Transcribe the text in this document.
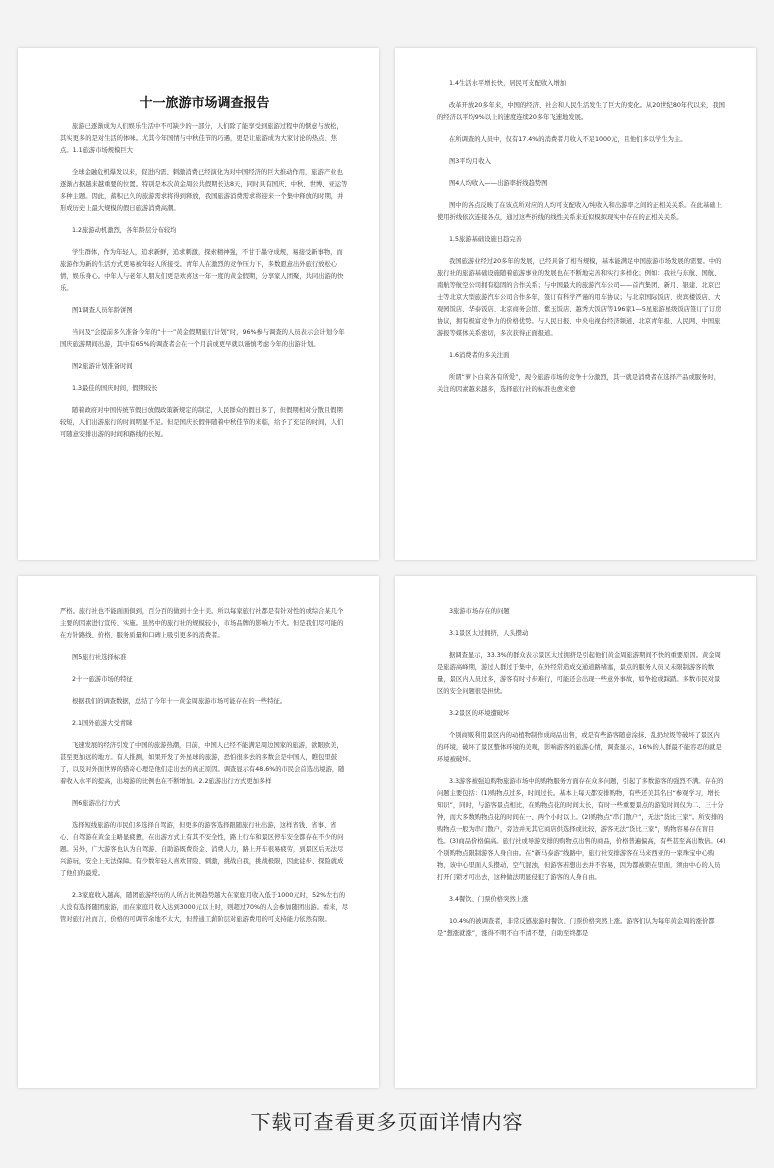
十一旅游市场调查报告

旅游已逐渐成为人们娱乐生活中不可缺少的一部分，人们除了能享受到旅游过程中的惬意与放松，其实更多的是对生活的体味。尤其今年国情与中秋佳节的巧遇，更是让旅游成为大家讨论的热点、焦点。1.1旅游市场规模巨大

全球金融危机爆发以来，促进内需、刺激消费已经演化为对中国经济的巨大推动作用，旅游产业也逐渐占据越来越重要的位置。特别是本次黄金周公共假期长达8天，同时具有国庆、中秋、世博、亚运等多种主题。因此，蓄积已久的旅游需求将得到释放，我国旅游消费需求将迎来一个集中释放的时期，并形成历史上最大规模的假日旅游消费高潮。

1.2旅游动机激烈，各年龄层分布较均

学生群体，作为年轻人，追求新鲜，追求刺激，探索精神强，不甘于墨守成规，易接受新事物，而旅游作为新的生活方式更易被年轻人所接受。青年人在激烈的竞争压力下，多数愿意出外旅行放松心情，娱乐身心。中年人与老年人朋友们更是欢喜这一年一度的黄金假期，分享家人团聚，共同出游的快乐。

图1调查人员年龄饼图

当问及“会提前多久准备今年的“十一”黄金假期旅行计划”时，96%参与调查的人员表示会计划今年国庆旅游期间出游，其中有65%的调查者会在一个月前或更早就以谨慎考虑今年的出游计划。

图2旅游计划准备时间

1.3最佳的国庆时间，假期较长

随着政府对中国传统节假日放假政策新规定的制定，人民群众的假日多了，但假期相对分散且假期较短，人们出游旅行的时间明显不足。但是国庆长假伴随着中秋佳节的来临，给予了充足的时间，人们可随意安排出游的时间和路线的长短。

1.4生活水平增长快，居民可支配收入增加

改革开放20多年来，中国的经济、社会和人民生活发生了巨大的变化。从20世纪80年代以来，我国的经济以平均9%以上的速度连续20多年飞速地发展。

在所调查的人员中，仅有17.4%的消费者月收入不足1000元，且他们多以学生为主。

图3平均月收入

图4人均收入——出游率折线趋势图

图中的各点反映了在该点所对应的人均可支配收入/纯收入和出游率之间的正相关关系。在此基础上使用折线依次连接各点，通过这些折线的线性关系来近似模拟现实中存在的正相关关系。

1.5旅游基础设施日趋完善

我国旅游业经过20多年的发展，已经具备了相当规模，基本能满足中国旅游市场发展的需要。中的旅行社的旅游基础设施随着旅游事业的发展也在不断地完善和实行多样化；例如：我社与东航、国航、南航等航空公司拥有稳固的合作关系；与中国最大的旅游汽车公司——首汽集团、新月、银建、北京巴士等北京大型旅游汽车公司合作多年，签订有科学严谨的用车协议；与北京国际饭店、贵宾楼饭店、大观园饭店、华泰饭店、北京商务会馆、紫玉饭店、越秀大饭店等196家1—5星旅游星级饭店签订了订房协议，拥有极富竞争力的价格优势。与人民日报、中央电视台经济频道、北京青年报、人民网、中国旅游报等媒体关系密切，多次获得正面报道。

1.6消费者的多关注面

所谓“萝卜白菜各有所爱”，现今旅游市场的竞争十分激烈，其一就是消费者在选择产品或服务时，关注的因素越来越多，选择旅行社的标准也愈来愈

严格。旅行社也不能面面俱到，百分百的做到十全十美。所以每家旅行社都是有针对性的或综合某几个主要的因素进行宣传、实施。虽然中的旅行社的规模较小，市场品牌的影响力不大。但是我们尽可能的在方针路线、价格、服务质量和口碑上吸引更多的消费者。

图5旅行社选择标准

2十一旅游市场的特征

根据我们的调查数据，总结了今年十一黄金周旅游市场可能存在的一些特征。

2.1国外旅游大受青睐

飞速发展的经济引发了中国的旅游热潮，目前，中国人已经不能满足周边国家的旅游，欲眼欧美，甚至更加远的地方。有人推测，如果开发了外星球的旅游，恐怕很多去的多数会是中国人，瞧包里鼓了，以及对外面世界的猎奇心理是他们走出去的真正原因。调查显示有48.6%的市民会首选出境游，随着收入水平的提高，出境游的比例也在不断增加。2.2旅游出行方式更加多样

图6旅游出行方式

选择短线旅游的市民们多选择自驾游，但更多的游客选择跟随旅行社出游，这样省钱、省事、省心、自驾游在黄金主略显疲惫，在出游方式上有其不安全性，路上行车和景区停车安全都存在不少的问题。另外，广大游客也认为自驾游、自助游既费资金、消费人力，路上开车很易疲劳，到景区后无法尽兴游玩，安全上无法保障。有少数年轻人喜欢冒险、刺激，挑战自我，挑战极限，因此徒步、探险就成了他们的最爱。

2.3家庭收入越高，随团旅游经历的人所占比例趋势越大在家庭月收入低于1000元时，52%左右的人没有选择随团旅游，而在家庭月收入达到3000元以上时，则超过70%的人会参加随团出游。看来，尽管对旅行社而言，价格的可调节余地不太大，但普通工薪阶层对旅游费用的可支持能力依然有限。

3旅游市场存在的问题

3.1景区太过拥挤，人头攒动

据调查显示，33.3%的群众表示景区太过拥挤是引起他们黄金周旅游期间不快的重要原因。黄金周是旅游高峰期，游过人群过于集中，在外经常造成交通道路堵塞，景点的服务人员又未限制游客的数量，景区内人员过多，游客有时寸步难行，可能还会出现一些意外事故，如争抢或踩踏。多数市民对景区的安全问题很是担忧。

3.2景区的环境遭破坏

个别商贩利用景区内的动植物制作成商品出售，或是有些游客随意涂抹、乱扔垃圾等破坏了景区内的环境，破坏了景区整体环境的美观，影响游客的旅游心情，调查显示，16%的人群最不能容忍的就是环境被破坏。

3.3游客被强迫购物旅游市场中的购物服务方面存在众多问题，引起了多数游客的强烈不满。存在的问题主要包括：(1)购物点过多，时间过长。基本上每天都安排购物，有些还美其名曰“参观学习，增长知识”，同时，与游客景点相比，在购物点花的时间太长，有时一些重要景点的游览时间仅为二、三十分钟，而大多数购物点花的时间在一、两个小时以上。(2)购物点“串门散户”，无法“货比三家”。所安排的购物点一般为串门散户，旁边并无其它商店供选择或比较，游客无法“货比三家”，购物容易存在盲目性。(3)商品价格偏高。旅行社或导游安排的购物点出售的商品，价格普遍偏高，有些甚至高出数倍。(4)个别购物点限制游客人身自由。在“新马泰游”线路中，旅行社安排游客在马来西亚的一家珠宝中心购物，该中心里面人头攒动，空气混浊，但游客若想出去并不容易，因为都被锁在里面，须由中心的人员打开门锁才可出去，这种做法明显侵犯了游客的人身自由。

3.4餐饮、门票价格突然上涨

10.4%的被调查者，非常反感旅游时餐饮、门票价格突然上涨。游客们认为每年黄金周的涨价都是“想涨就涨”，涨得不明不白不清不楚，自助至终都是

下载可查看更多页面详情内容
